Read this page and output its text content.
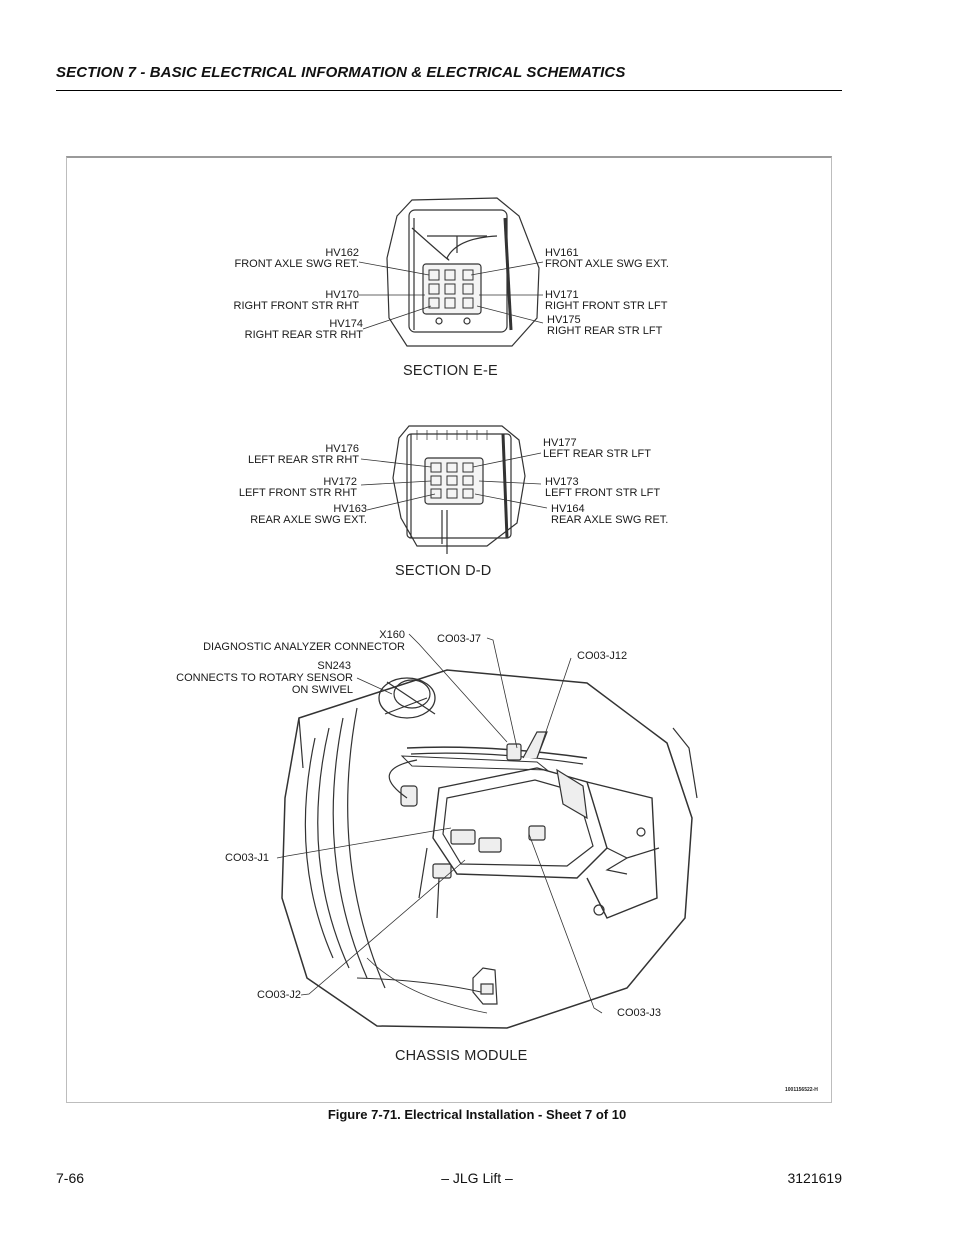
SECTION 7 - BASIC ELECTRICAL INFORMATION & ELECTRICAL SCHEMATICS
HV162
FRONT AXLE SWG RET.
HV161
FRONT AXLE SWG EXT.
HV170
RIGHT FRONT STR RHT
HV171
RIGHT FRONT STR LFT
HV174
RIGHT REAR STR RHT
HV175
RIGHT REAR STR LFT
SECTION E-E
HV176
LEFT REAR STR RHT
HV177
LEFT REAR STR LFT
HV172
LEFT FRONT STR RHT
HV173
LEFT FRONT STR LFT
HV163
REAR AXLE SWG EXT.
HV164
REAR AXLE SWG RET.
SECTION D-D
X160
DIAGNOSTIC ANALYZER CONNECTOR
CO03-J7
CO03-J12
SN243
CONNECTS TO ROTARY SENSOR
ON SWIVEL
CO03-J1
CO03-J2
CO03-J3
CHASSIS MODULE
1001156522-H
Figure 7-71. Electrical Installation - Sheet 7 of 10
7-66	– JLG Lift –	3121619
